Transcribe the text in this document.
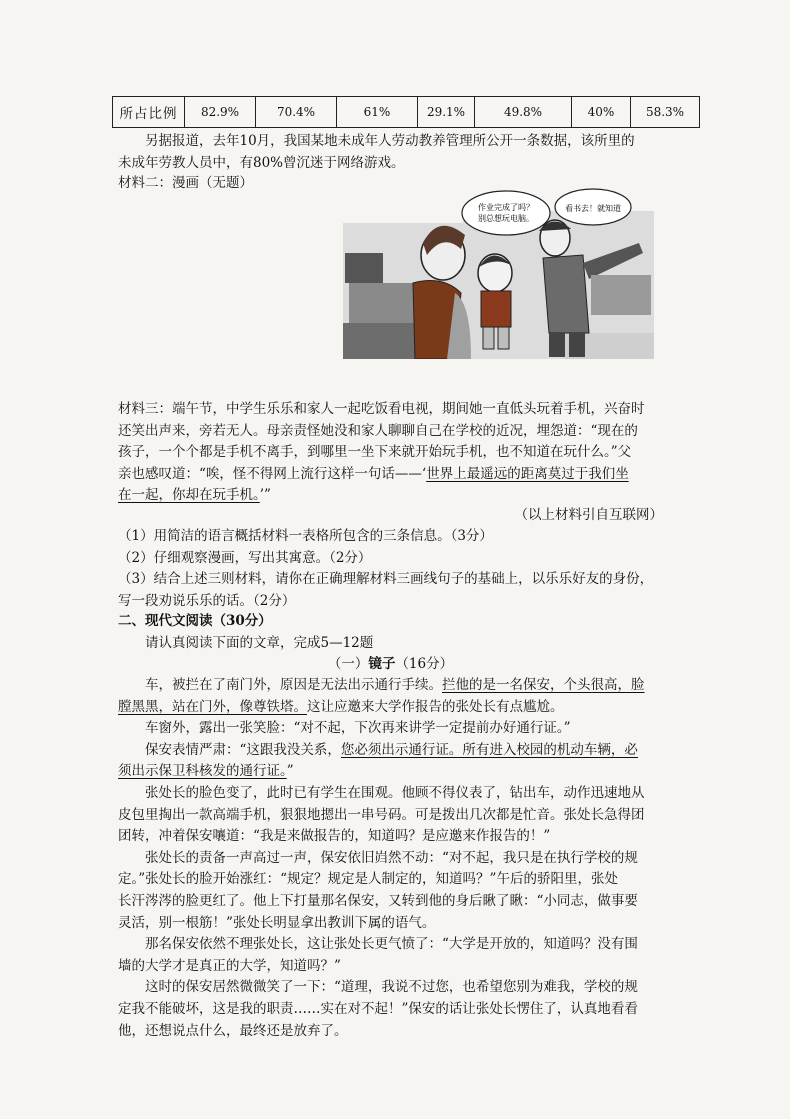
所占比例	82.9%	70.4%	61%	29.1%	49.8%	40%	58.3%

另据报道，去年10月，我国某地未成年人劳动教养管理所公开一条数据，该所里的

未成年劳教人员中，有80%曾沉迷于网络游戏。

材料二：漫画（无题）

作业完成了吗？
别总想玩电脑。
看书去！就知道

材料三：端午节，中学生乐乐和家人一起吃饭看电视，期间她一直低头玩着手机，兴奋时

还笑出声来，旁若无人。母亲责怪她没和家人聊聊自己在学校的近况，埋怨道：“现在的

孩子，一个个都是手机不离手，到哪里一坐下来就开始玩手机，也不知道在玩什么。”父

亲也感叹道：“唉，怪不得网上流行这样一句话——‘世界上最遥远的距离莫过于我们坐

在一起，你却在玩手机。’”

（以上材料引自互联网）

（1）用简洁的语言概括材料一表格所包含的三条信息。（3分）

（2）仔细观察漫画，写出其寓意。（2分）

（3）结合上述三则材料，请你在正确理解材料三画线句子的基础上，以乐乐好友的身份，

写一段劝说乐乐的话。（2分）

二、现代文阅读（30分）

请认真阅读下面的文章，完成5—12题

（一）镜子（16分）

车，被拦在了南门外，原因是无法出示通行手续。拦他的是一名保安，个头很高，脸

膛黑黑，站在门外，像尊铁塔。这让应邀来大学作报告的张处长有点尴尬。

车窗外，露出一张笑脸：“对不起，下次再来讲学一定提前办好通行证。”

保安表情严肃：“这跟我没关系，您必须出示通行证。所有进入校园的机动车辆，必

须出示保卫科核发的通行证。”

张处长的脸色变了，此时已有学生在围观。他顾不得仪表了，钻出车，动作迅速地从

皮包里掏出一款高端手机，狠狠地摁出一串号码。可是拨出几次都是忙音。张处长急得团

团转，冲着保安嚷道：“我是来做报告的，知道吗？是应邀来作报告的！”

张处长的责备一声高过一声，保安依旧岿然不动：“对不起，我只是在执行学校的规

定。”张处长的脸开始涨红：“规定？规定是人制定的，知道吗？”午后的骄阳里，张处

长汗涔涔的脸更红了。他上下打量那名保安，又转到他的身后瞅了瞅：“小同志，做事要

灵活，别一根筋！”张处长明显拿出教训下属的语气。

那名保安依然不理张处长，这让张处长更气愤了：“大学是开放的，知道吗？没有围

墙的大学才是真正的大学，知道吗？”

这时的保安居然微微笑了一下：“道理，我说不过您，也希望您别为难我，学校的规

定我不能破坏，这是我的职责……实在对不起！”保安的话让张处长愣住了，认真地看看

他，还想说点什么，最终还是放弃了。
